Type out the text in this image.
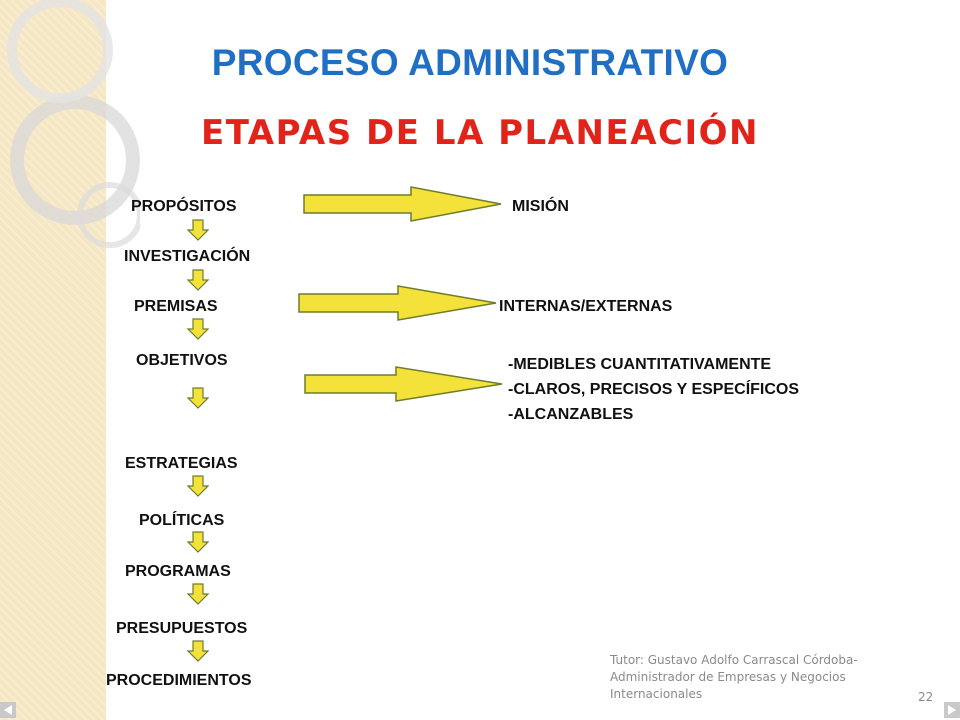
PROCESO ADMINISTRATIVO
ETAPAS DE LA PLANEACIÓN
PROPÓSITOS
INVESTIGACIÓN
PREMISAS
OBJETIVOS
ESTRATEGIAS
POLÍTICAS
PROGRAMAS
PRESUPUESTOS
PROCEDIMIENTOS
MISIÓN
INTERNAS/EXTERNAS
-MEDIBLES CUANTITATIVAMENTE
-CLAROS, PRECISOS Y ESPECÍFICOS
-ALCANZABLES
Tutor: Gustavo Adolfo Carrascal Córdoba- Administrador de Empresas y Negocios Internacionales	22
